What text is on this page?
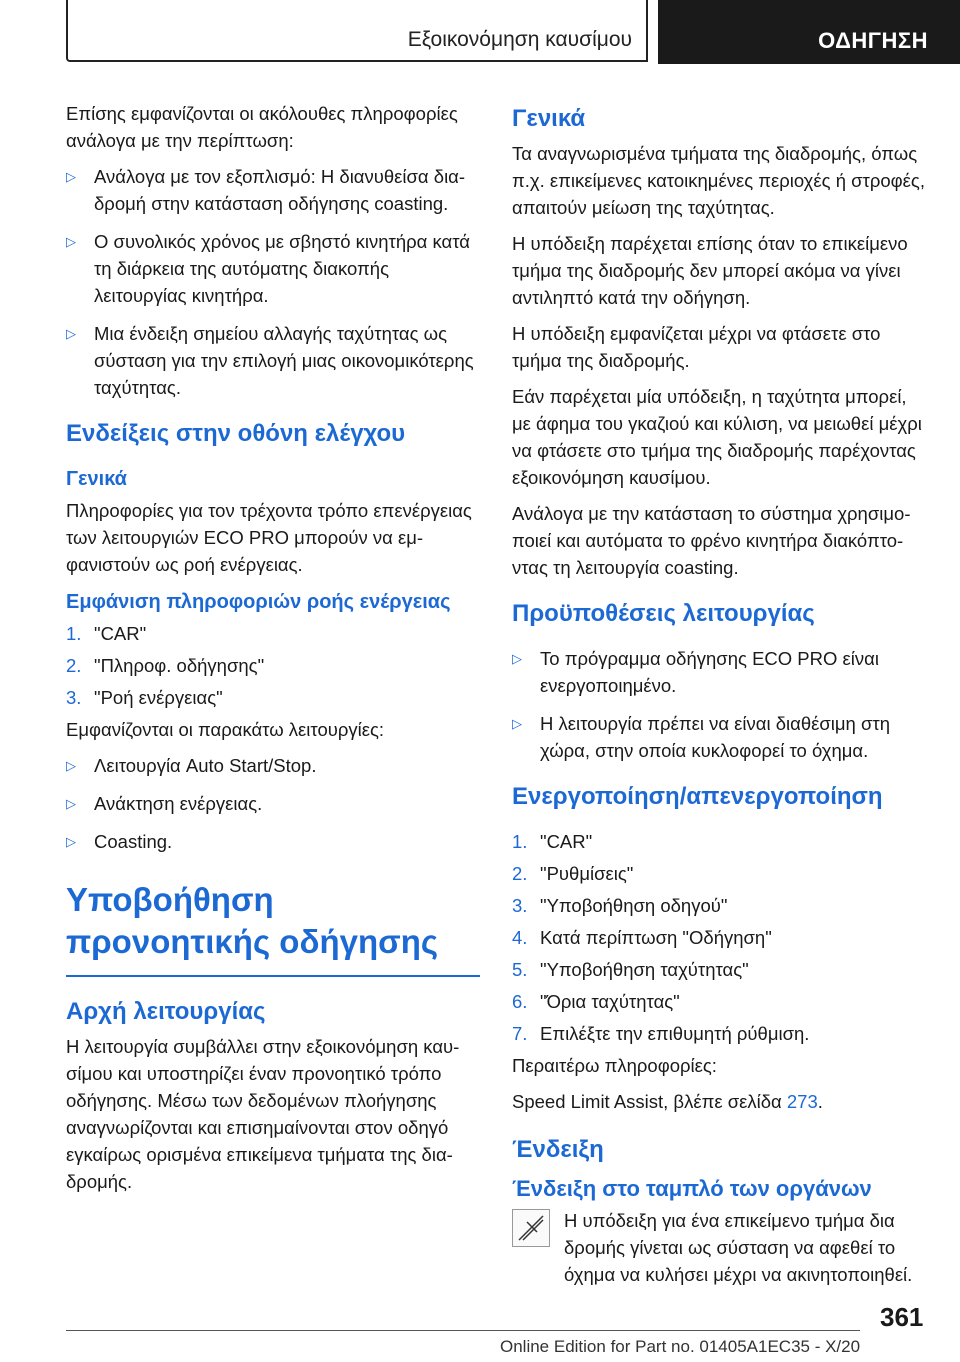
Εξοικονόμηση καυσίμου	ΟΔΗΓΗΣΗ

Επίσης εμφανίζονται οι ακόλουθες πληροφορίες ανάλογα με την περίπτωση:

▷ Ανάλογα με τον εξοπλισμό: Η διανυθείσα διαδρομή στην κατάσταση οδήγησης coasting.
▷ Ο συνολικός χρόνος με σβηστό κινητήρα κατά τη διάρκεια της αυτόματης διακοπής λειτουργίας κινητήρα.
▷ Μια ένδειξη σημείου αλλαγής ταχύτητας ως σύσταση για την επιλογή μιας οικονομικότερης ταχύτητας.
Ενδείξεις στην οθόνη ελέγχου
Γενικά

Πληροφορίες για τον τρέχοντα τρόπο επενέργειας των λειτουργιών ECO PRO μπορούν να εμφανιστούν ως ροή ενέργειας.

Εμφάνιση πληροφοριών ροής ενέργειας
1. "CAR"
2. "Πληροφ. οδήγησης"
3. "Ροή ενέργειας"

Εμφανίζονται οι παρακάτω λειτουργίες:

▷ Λειτουργία Auto Start/Stop.
▷ Ανάκτηση ενέργειας.
▷ Coasting.
Υποβοήθηση προνοητικής οδήγησης
Αρχή λειτουργίας

Η λειτουργία συμβάλλει στην εξοικονόμηση καυσίμου και υποστηρίζει έναν προνοητικό τρόπο οδήγησης. Μέσω των δεδομένων πλοήγησης αναγνωρίζονται και επισημαίνονται στον οδηγό εγκαίρως ορισμένα επικείμενα τμήματα της διαδρομής.

Γενικά

Τα αναγνωρισμένα τμήματα της διαδρομής, όπως π.χ. επικείμενες κατοικημένες περιοχές ή στροφές, απαιτούν μείωση της ταχύτητας.

Η υπόδειξη παρέχεται επίσης όταν το επικείμενο τμήμα της διαδρομής δεν μπορεί ακόμα να γίνει αντιληπτό κατά την οδήγηση.

Η υπόδειξη εμφανίζεται μέχρι να φτάσετε στο τμήμα της διαδρομής.

Εάν παρέχεται μία υπόδειξη, η ταχύτητα μπορεί, με άφημα του γκαζιού και κύλιση, να μειωθεί μέχρι να φτάσετε στο τμήμα της διαδρομής παρέχοντας εξοικονόμηση καυσίμου.

Ανάλογα με την κατάσταση το σύστημα χρησιμοποιεί και αυτόματα το φρένο κινητήρα διακόπτοντας τη λειτουργία coasting.

Προϋποθέσεις λειτουργίας
▷ Το πρόγραμμα οδήγησης ECO PRO είναι ενεργοποιημένο.
▷ Η λειτουργία πρέπει να είναι διαθέσιμη στη χώρα, στην οποία κυκλοφορεί το όχημα.
Ενεργοποίηση/απενεργοποίηση
1. "CAR"
2. "Ρυθμίσεις"
3. "Υποβοήθηση οδηγού"
4. Κατά περίπτωση "Οδήγηση"
5. "Υποβοήθηση ταχύτητας"
6. "Όρια ταχύτητας"
7. Επιλέξτε την επιθυμητή ρύθμιση.

Περαιτέρω πληροφορίες:

Speed Limit Assist, βλέπε σελίδα 273.

Ένδειξη
Ένδειξη στο ταμπλό των οργάνων

Η υπόδειξη για ένα επικείμενο τμήμα δια

δρομής γίνεται ως σύσταση να αφεθεί το

όχημα να κυλήσει μέχρι να ακινητοποιηθεί.

361
Online Edition for Part no. 01405A1EC35 - X/20
